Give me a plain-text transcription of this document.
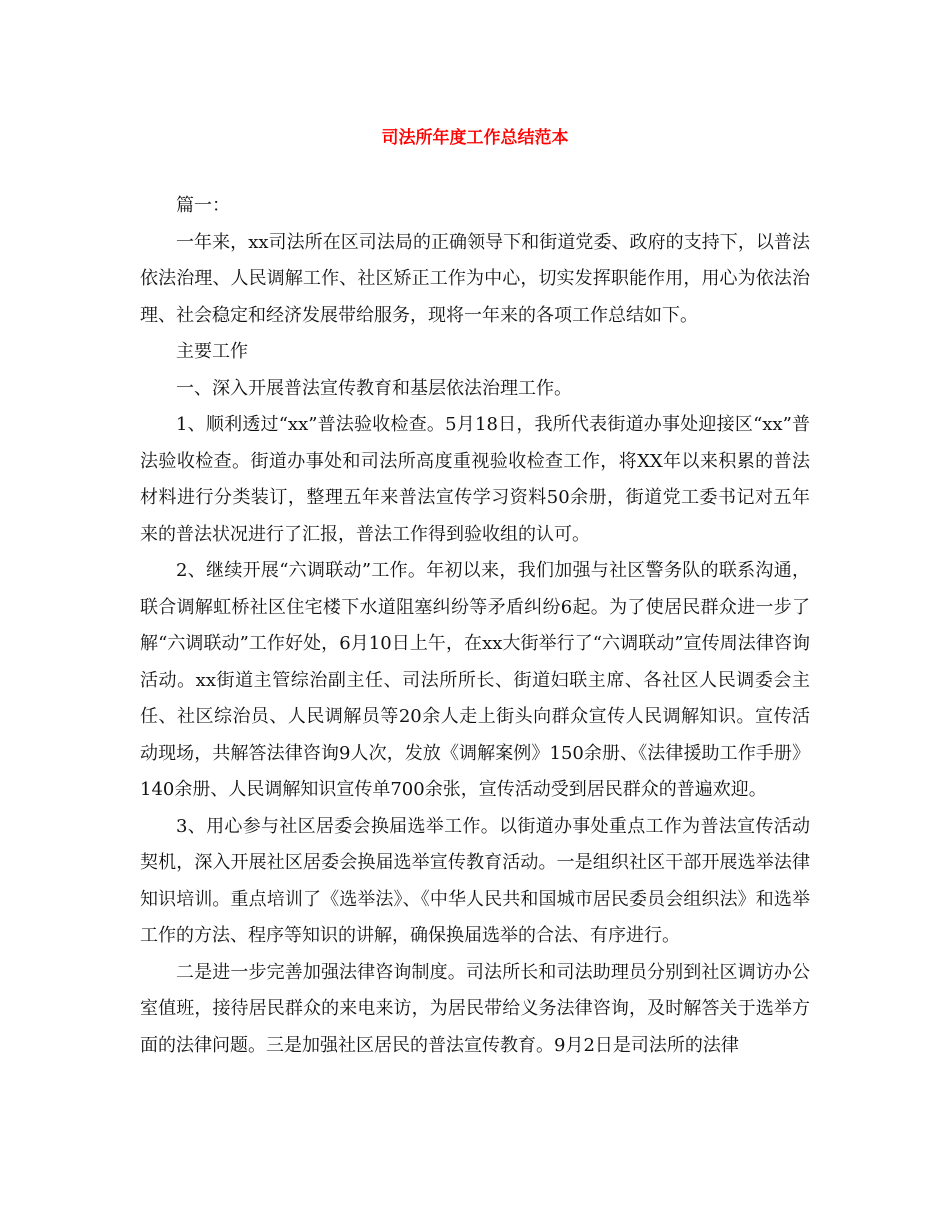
司法所年度工作总结范本

篇一：

一年来，xx司法所在区司法局的正确领导下和街道党委、政府的支持下，以普法依法治理、人民调解工作、社区矫正工作为中心，切实发挥职能作用，用心为依法治理、社会稳定和经济发展带给服务，现将一年来的各项工作总结如下。

主要工作

一、深入开展普法宣传教育和基层依法治理工作。

1、顺利透过“xx”普法验收检查。5月18日，我所代表街道办事处迎接区“xx”普法验收检查。街道办事处和司法所高度重视验收检查工作，将XX年以来积累的普法材料进行分类装订，整理五年来普法宣传学习资料50余册，街道党工委书记对五年来的普法状况进行了汇报，普法工作得到验收组的认可。

2、继续开展“六调联动”工作。年初以来，我们加强与社区警务队的联系沟通，联合调解虹桥社区住宅楼下水道阻塞纠纷等矛盾纠纷6起。为了使居民群众进一步了解“六调联动”工作好处，6月10日上午，在xx大街举行了“六调联动”宣传周法律咨询活动。xx街道主管综治副主任、司法所所长、街道妇联主席、各社区人民调委会主任、社区综治员、人民调解员等20余人走上街头向群众宣传人民调解知识。宣传活动现场，共解答法律咨询9人次，发放《调解案例》150余册、《法律援助工作手册》140余册、人民调解知识宣传单700余张，宣传活动受到居民群众的普遍欢迎。

3、用心参与社区居委会换届选举工作。以街道办事处重点工作为普法宣传活动契机，深入开展社区居委会换届选举宣传教育活动。一是组织社区干部开展选举法律知识培训。重点培训了《选举法》、《中华人民共和国城市居民委员会组织法》和选举工作的方法、程序等知识的讲解，确保换届选举的合法、有序进行。

二是进一步完善加强法律咨询制度。司法所长和司法助理员分别到社区调访办公室值班，接待居民群众的来电来访，为居民带给义务法律咨询，及时解答关于选举方面的法律问题。三是加强社区居民的普法宣传教育。9月2日是司法所的法律
